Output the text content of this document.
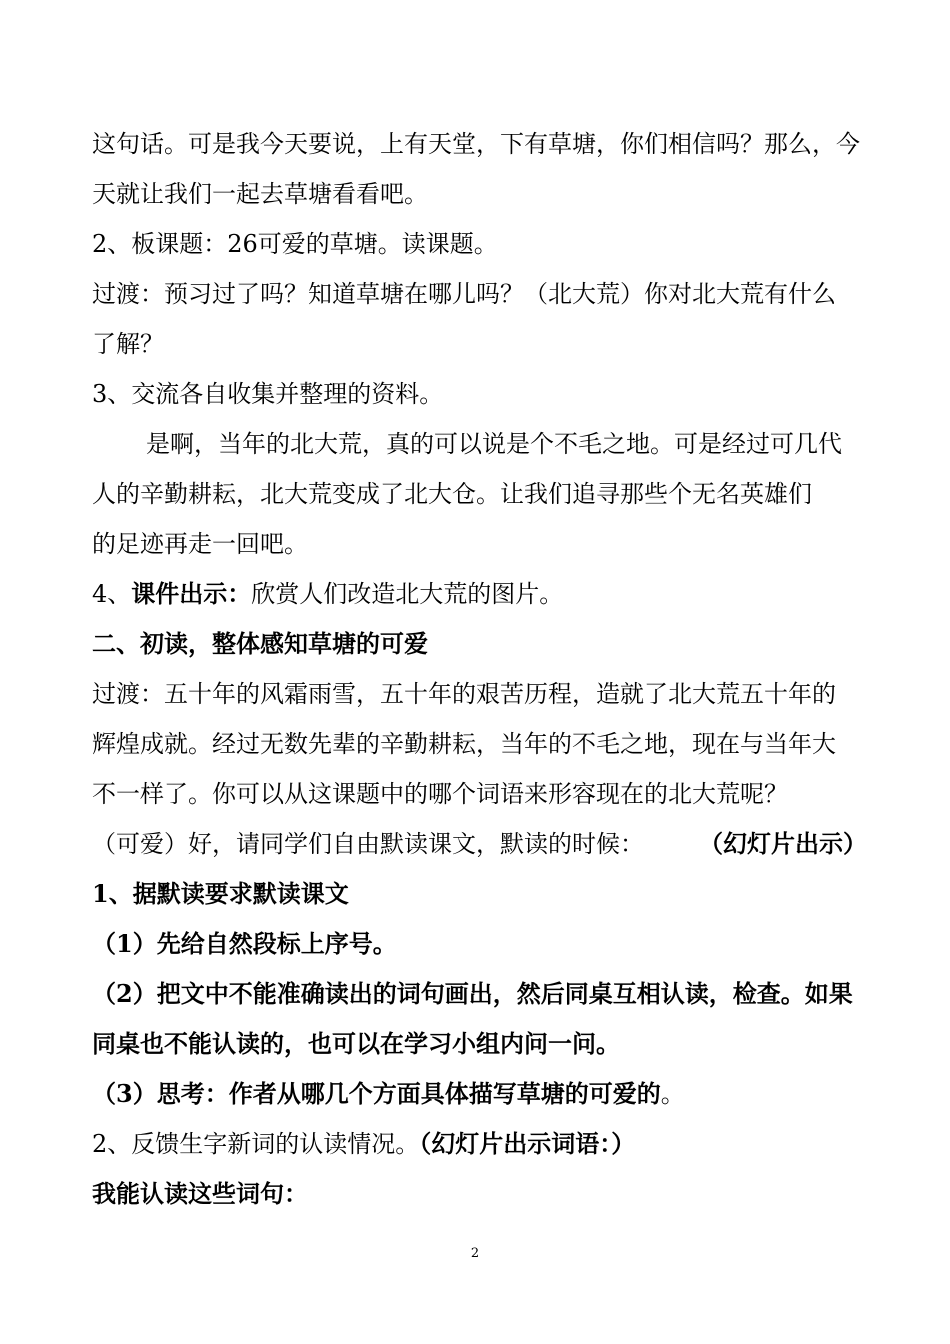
这句话。可是我今天要说，上有天堂，下有草塘，你们相信吗？那么，今
天就让我们一起去草塘看看吧。
2、板课题：26可爱的草塘。读课题。
过渡：预习过了吗？知道草塘在哪儿吗？（北大荒）你对北大荒有什么
了解？
3、交流各自收集并整理的资料。
是啊，当年的北大荒，真的可以说是个不毛之地。可是经过可几代
人的辛勤耕耘，北大荒变成了北大仓。让我们追寻那些个无名英雄们
的足迹再走一回吧。
4、课件出示：欣赏人们改造北大荒的图片。
二、初读，整体感知草塘的可爱
过渡：五十年的风霜雨雪，五十年的艰苦历程，造就了北大荒五十年的
辉煌成就。经过无数先辈的辛勤耕耘，当年的不毛之地，现在与当年大
不一样了。你可以从这课题中的哪个词语来形容现在的北大荒呢？
（可爱）好，请同学们自由默读课文，默读的时候： （幻灯片出示）
1、据默读要求默读课文
（1）先给自然段标上序号。
（2）把文中不能准确读出的词句画出，然后同桌互相认读，检查。如果
同桌也不能认读的，也可以在学习小组内问一问。
（3）思考：作者从哪几个方面具体描写草塘的可爱的。
2、反馈生字新词的认读情况。（幻灯片出示词语：）
我能认读这些词句：
2
